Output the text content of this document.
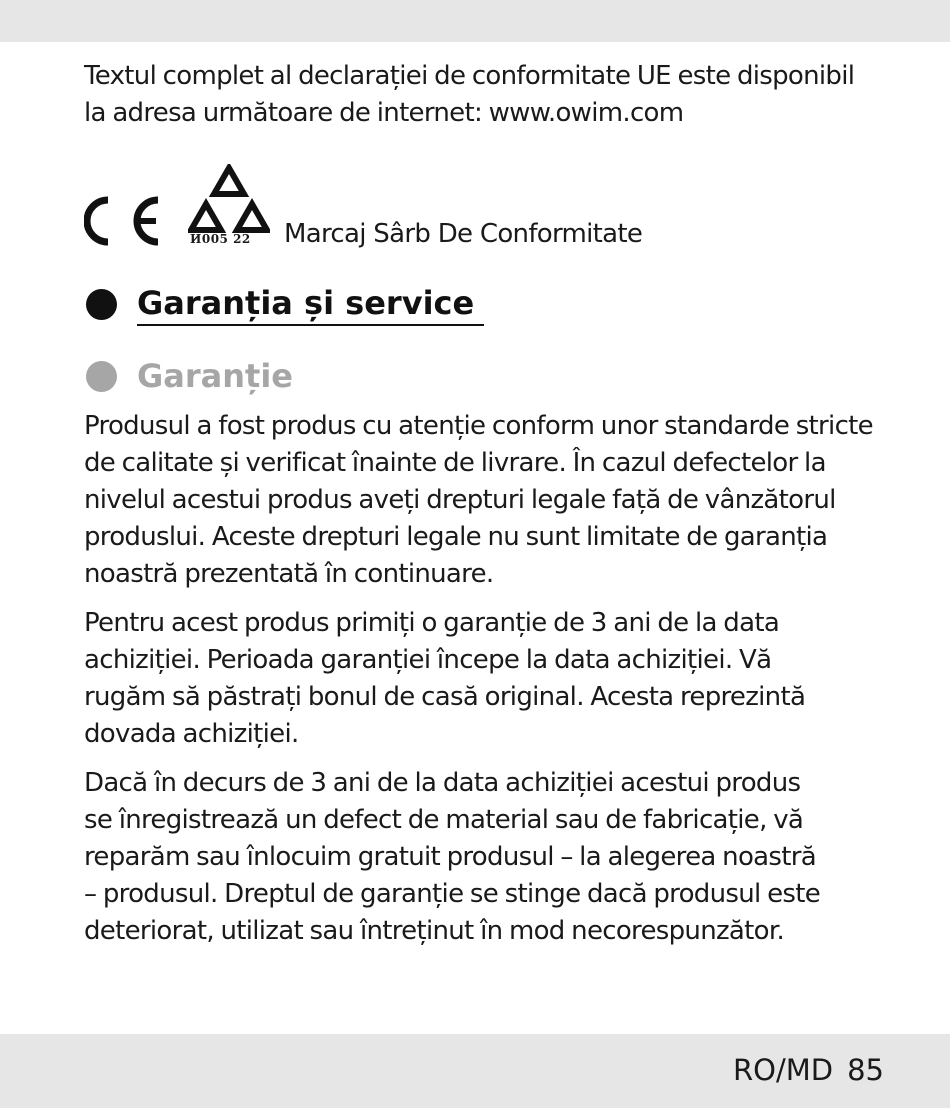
Textul complet al declarației de conformitate UE este disponibil
la adresa următoare de internet: www.owim.com

И005 22	Marcaj Sârb De Conformitate
Garanția și service
Garanție

Produsul a fost produs cu atenție conform unor standarde stricte
de calitate și verificat înainte de livrare. În cazul defectelor la
nivelul acestui produs aveți drepturi legale față de vânzătorul
produslui. Aceste drepturi legale nu sunt limitate de garanția
noastră prezentată în continuare.

Pentru acest produs primiți o garanție de 3 ani de la data
achiziției. Perioada garanției începe la data achiziției. Vă
rugăm să păstrați bonul de casă original. Acesta reprezintă
dovada achiziției.

Dacă în decurs de 3 ani de la data achiziției acestui produs
se înregistrează un defect de material sau de fabricație, vă
reparăm sau înlocuim gratuit produsul – la alegerea noastră
– produsul. Dreptul de garanție se stinge dacă produsul este
deteriorat, utilizat sau întreținut în mod necorespunzător.

RO/MD 85
